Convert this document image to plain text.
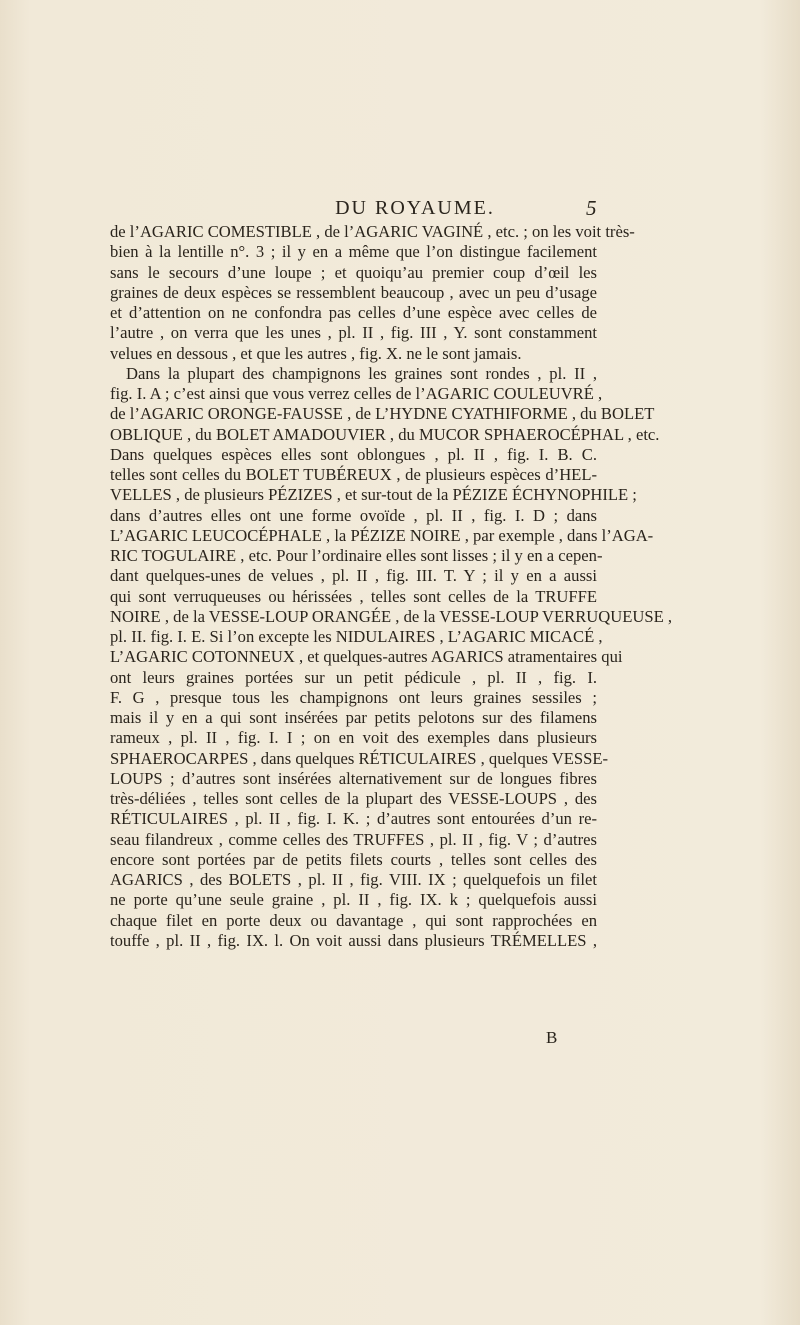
DU ROYAUME.	5
de l’AGARIC COMESTIBLE , de l’AGARIC VAGINÉ , etc. ; on les voit très-
bien à la lentille n°. 3 ; il y en a même que l’on distingue facilement
sans le secours d’une loupe ; et quoiqu’au premier coup d’œil les
graines de deux espèces se ressemblent beaucoup , avec un peu d’usage
et d’attention on ne confondra pas celles d’une espèce avec celles de
l’autre , on verra que les unes , pl. II , fig. III , Y. sont constamment
velues en dessous , et que les autres , fig. X. ne le sont jamais.
Dans la plupart des champignons les graines sont rondes , pl. II ,
fig. I. A ; c’est ainsi que vous verrez celles de l’AGARIC COULEUVRÉ ,
de l’AGARIC ORONGE-FAUSSE , de L’HYDNE CYATHIFORME , du BOLET
OBLIQUE , du BOLET AMADOUVIER , du MUCOR SPHAEROCÉPHAL , etc.
Dans quelques espèces elles sont oblongues , pl. II , fig. I. B. C.
telles sont celles du BOLET TUBÉREUX , de plusieurs espèces d’HEL-
VELLES , de plusieurs PÉZIZES , et sur-tout de la PÉZIZE ÉCHYNOPHILE ;
dans d’autres elles ont une forme ovoïde , pl. II , fig. I. D ; dans
L’AGARIC LEUCOCÉPHALE , la PÉZIZE NOIRE , par exemple , dans l’AGA-
RIC TOGULAIRE , etc. Pour l’ordinaire elles sont lisses ; il y en a cepen-
dant quelques-unes de velues , pl. II , fig. III. T. Y ; il y en a aussi
qui sont verruqueuses ou hérissées , telles sont celles de la TRUFFE
NOIRE , de la VESSE-LOUP ORANGÉE , de la VESSE-LOUP VERRUQUEUSE ,
pl. II. fig. I. E. Si l’on excepte les NIDULAIRES , L’AGARIC MICACÉ ,
L’AGARIC COTONNEUX , et quelques-autres AGARICS atramentaires qui
ont leurs graines portées sur un petit pédicule , pl. II , fig. I.
F. G , presque tous les champignons ont leurs graines sessiles ;
mais il y en a qui sont insérées par petits pelotons sur des filamens
rameux , pl. II , fig. I. I ; on en voit des exemples dans plusieurs
SPHAEROCARPES , dans quelques RÉTICULAIRES , quelques VESSE-
LOUPS ; d’autres sont insérées alternativement sur de longues fibres
très-déliées , telles sont celles de la plupart des VESSE-LOUPS , des
RÉTICULAIRES , pl. II , fig. I. K. ; d’autres sont entourées d’un re-
seau filandreux , comme celles des TRUFFES , pl. II , fig. V ; d’autres
encore sont portées par de petits filets courts , telles sont celles des
AGARICS , des BOLETS , pl. II , fig. VIII. IX ; quelquefois un filet
ne porte qu’une seule graine , pl. II , fig. IX. k ; quelquefois aussi
chaque filet en porte deux ou davantage , qui sont rapprochées en
touffe , pl. II , fig. IX. l. On voit aussi dans plusieurs TRÉMELLES ,
B
